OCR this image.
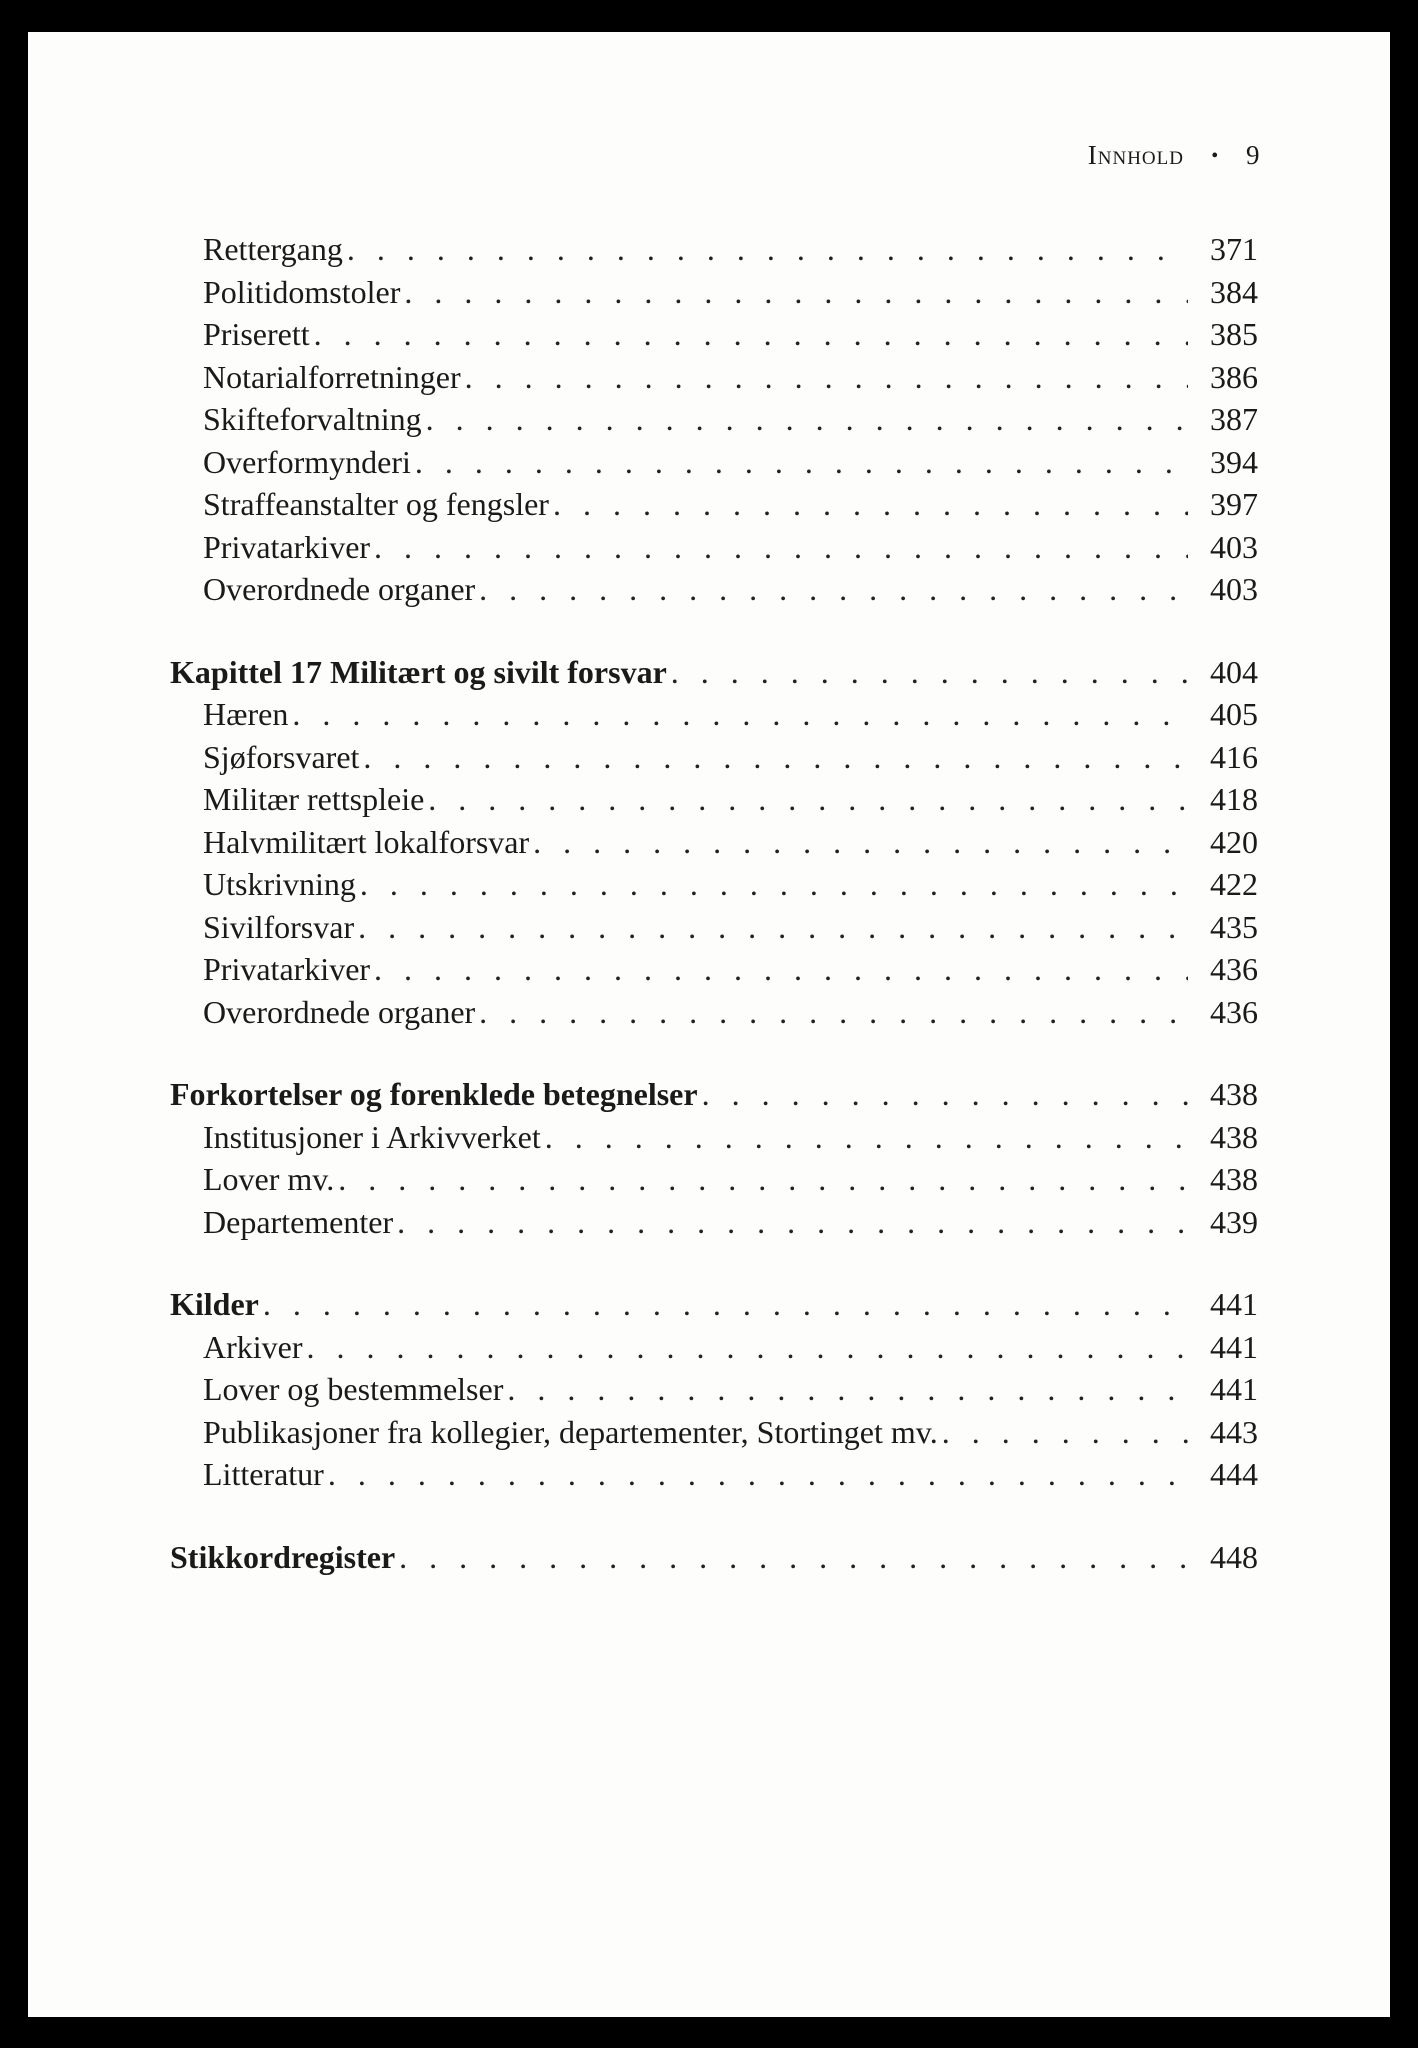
Innhold • 9
Rettergang . . .	371
Politidomstoler . . .	384
Priserett . . .	385
Notarialforretninger . . .	386
Skifteforvaltning . . .	387
Overformynderi . . .	394
Straffeanstalter og fengsler . . .	397
Privatarkiver . . .	403
Overordnede organer . . .	403
Kapittel 17 Militært og sivilt forsvar . . .	404
Hæren . . .	405
Sjøforsvaret . . .	416
Militær rettspleie . . .	418
Halvmilitært lokalforsvar . . .	420
Utskrivning . . .	422
Sivilforsvar . . .	435
Privatarkiver . . .	436
Overordnede organer . . .	436
Forkortelser og forenklede betegnelser . . .	438
Institusjoner i Arkivverket . . .	438
Lover mv. . . .	438
Departementer . . .	439
Kilder . . .	441
Arkiver . . .	441
Lover og bestemmelser . . .	441
Publikasjoner fra kollegier, departementer, Stortinget mv. . . .	443
Litteratur . . .	444
Stikkordregister . . .	448
